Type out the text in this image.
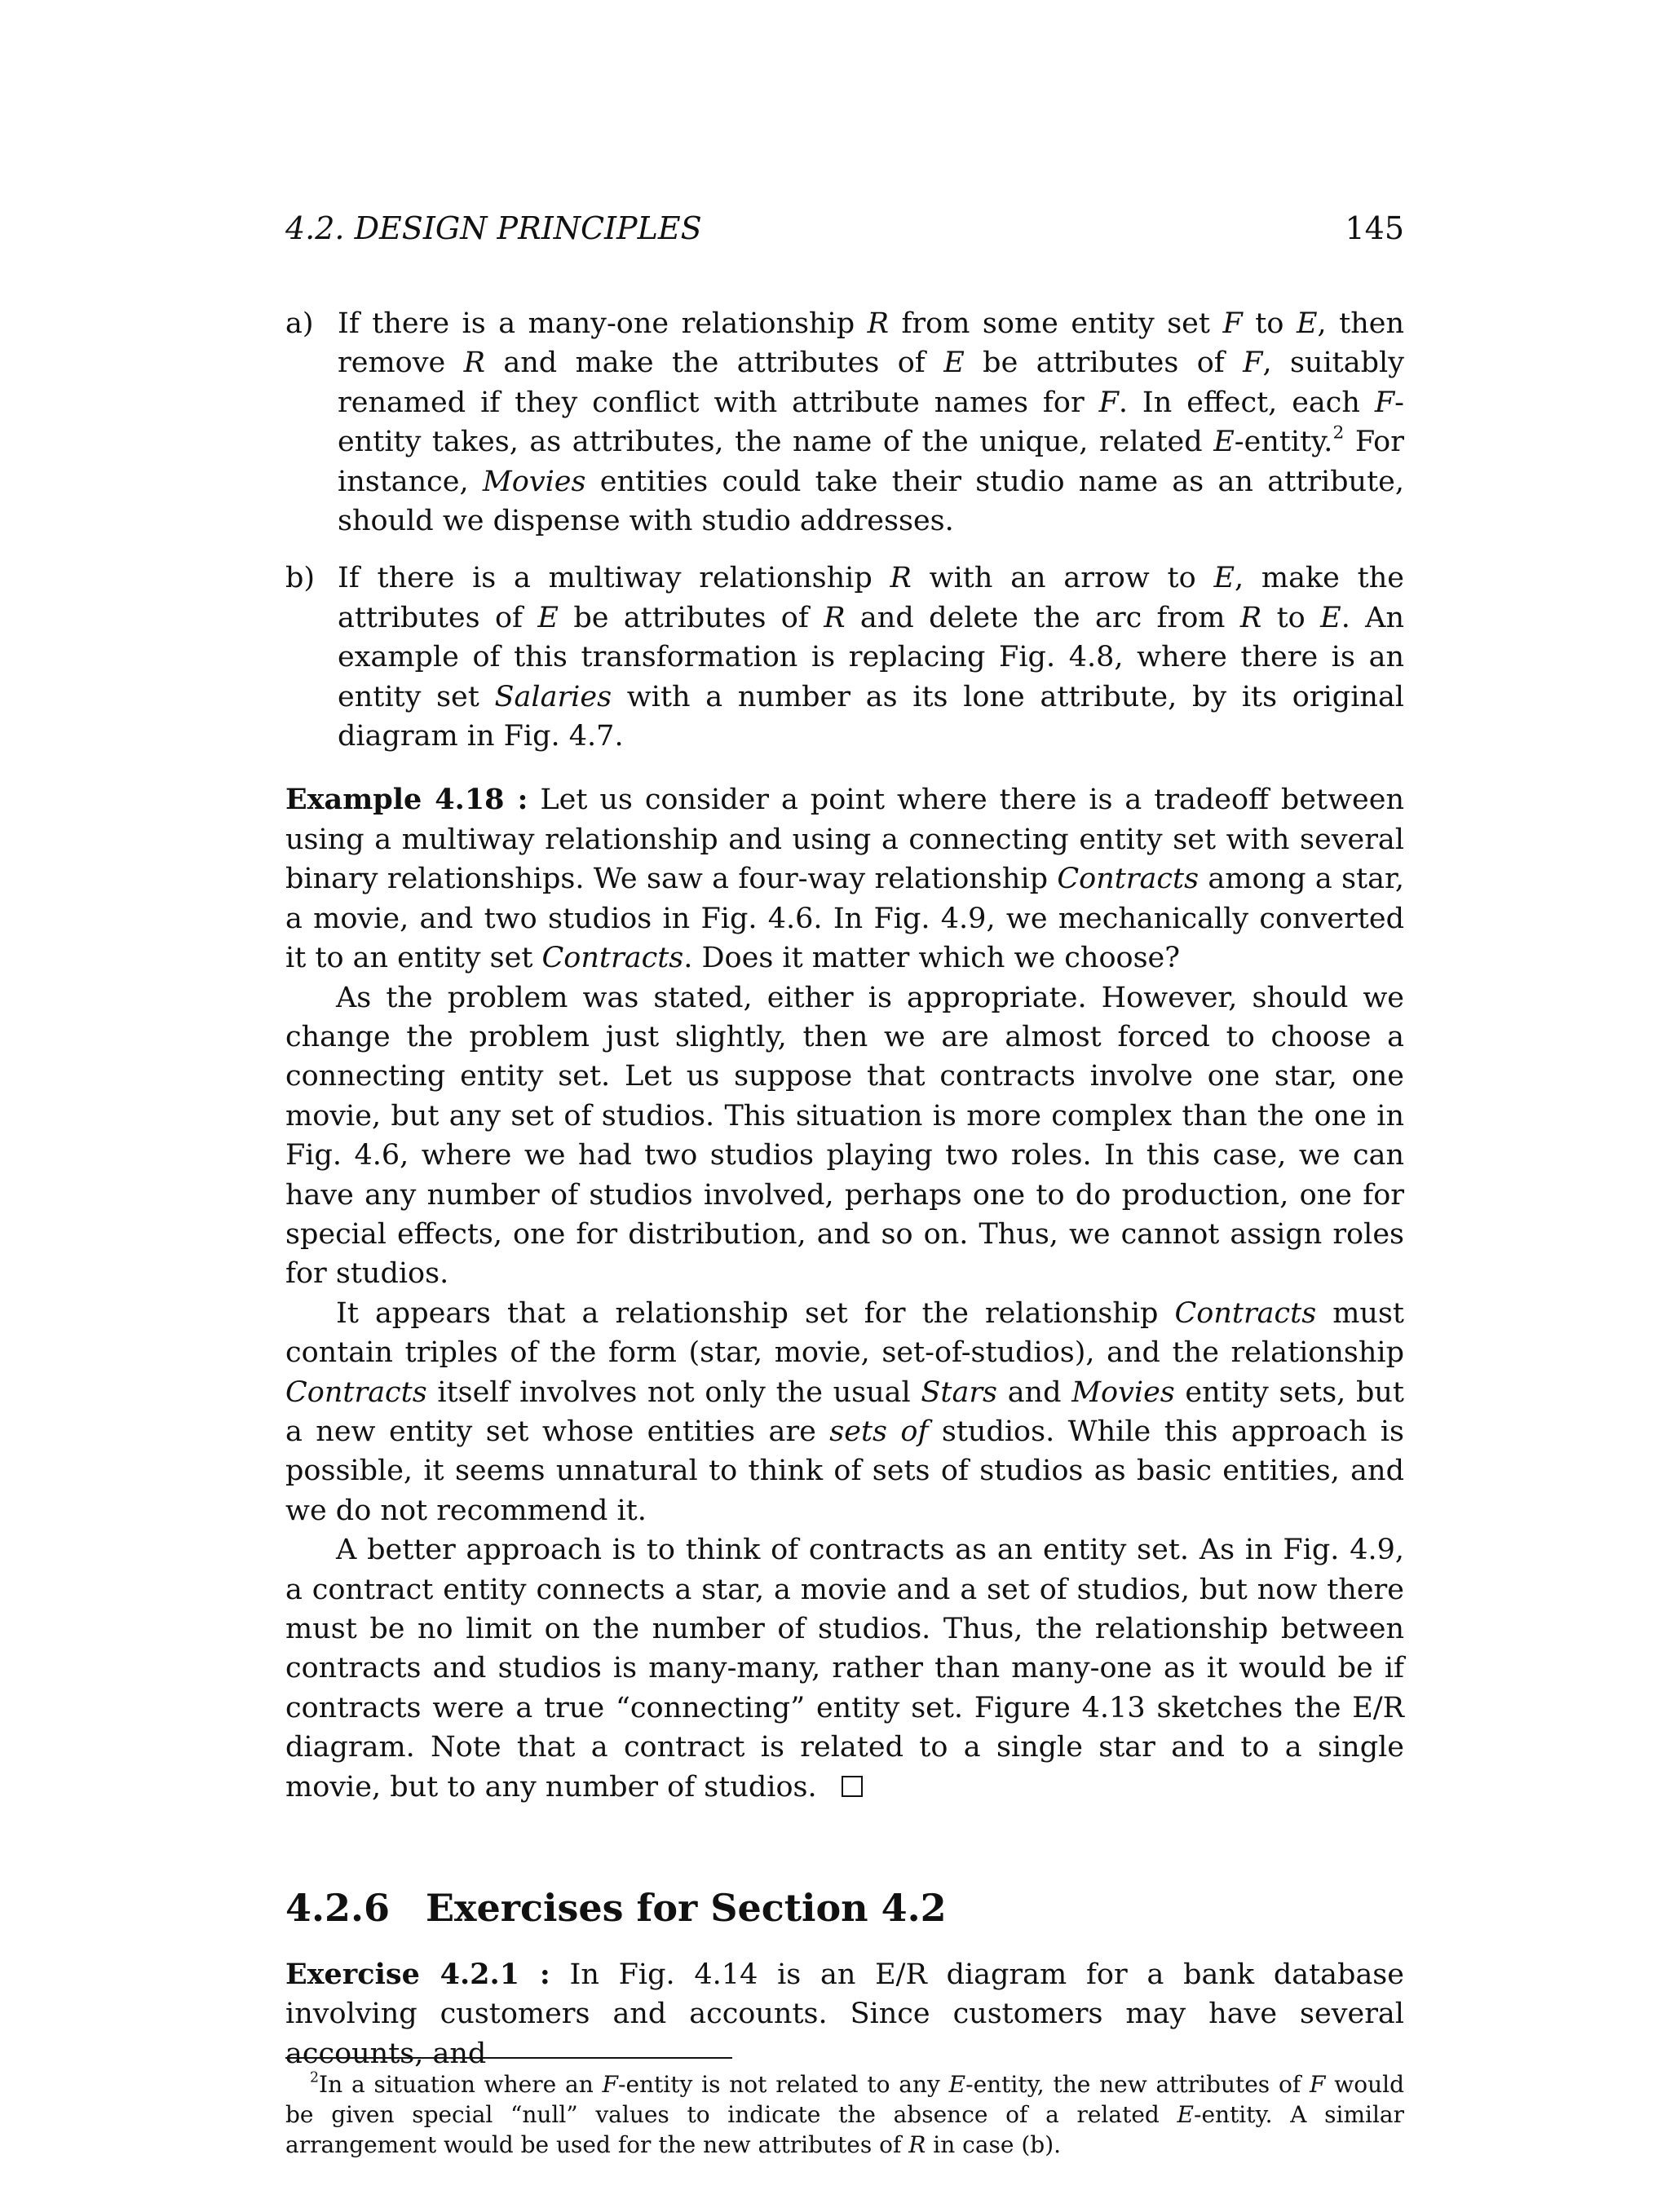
4.2. DESIGN PRINCIPLES	145
a) If there is a many-one relationship R from some entity set F to E, then remove R and make the attributes of E be attributes of F, suitably renamed if they conflict with attribute names for F. In effect, each F-entity takes, as attributes, the name of the unique, related E-entity.$^2$ For instance, Movies entities could take their studio name as an attribute, should we dispense with studio addresses.

b) If there is a multiway relationship R with an arrow to E, make the attributes of E be attributes of R and delete the arc from R to E. An example of this transformation is replacing Fig. 4.8, where there is an entity set Salaries with a number as its lone attribute, by its original diagram in Fig. 4.7.

Example 4.18 : Let us consider a point where there is a tradeoff between using a multiway relationship and using a connecting entity set with several binary relationships. We saw a four-way relationship Contracts among a star, a movie, and two studios in Fig. 4.6. In Fig. 4.9, we mechanically converted it to an entity set Contracts. Does it matter which we choose?

As the problem was stated, either is appropriate. However, should we change the problem just slightly, then we are almost forced to choose a connecting entity set. Let us suppose that contracts involve one star, one movie, but any set of studios. This situation is more complex than the one in Fig. 4.6, where we had two studios playing two roles. In this case, we can have any number of studios involved, perhaps one to do production, one for special effects, one for distribution, and so on. Thus, we cannot assign roles for studios.

It appears that a relationship set for the relationship Contracts must contain triples of the form (star, movie, set-of-studios), and the relationship Contracts itself involves not only the usual Stars and Movies entity sets, but a new entity set whose entities are sets of studios. While this approach is possible, it seems unnatural to think of sets of studios as basic entities, and we do not recommend it.

A better approach is to think of contracts as an entity set. As in Fig. 4.9, a contract entity connects a star, a movie and a set of studios, but now there must be no limit on the number of studios. Thus, the relationship between contracts and studios is many-many, rather than many-one as it would be if contracts were a true “connecting” entity set. Figure 4.13 sketches the E/R diagram. Note that a contract is related to a single star and to a single movie, but to any number of studios.

4.2.6 Exercises for Section 4.2

Exercise 4.2.1 : In Fig. 4.14 is an E/R diagram for a bank database involving customers and accounts. Since customers may have several accounts, and

$^2$In a situation where an F-entity is not related to any E-entity, the new attributes of F would be given special “null” values to indicate the absence of a related E-entity. A similar arrangement would be used for the new attributes of R in case (b).
